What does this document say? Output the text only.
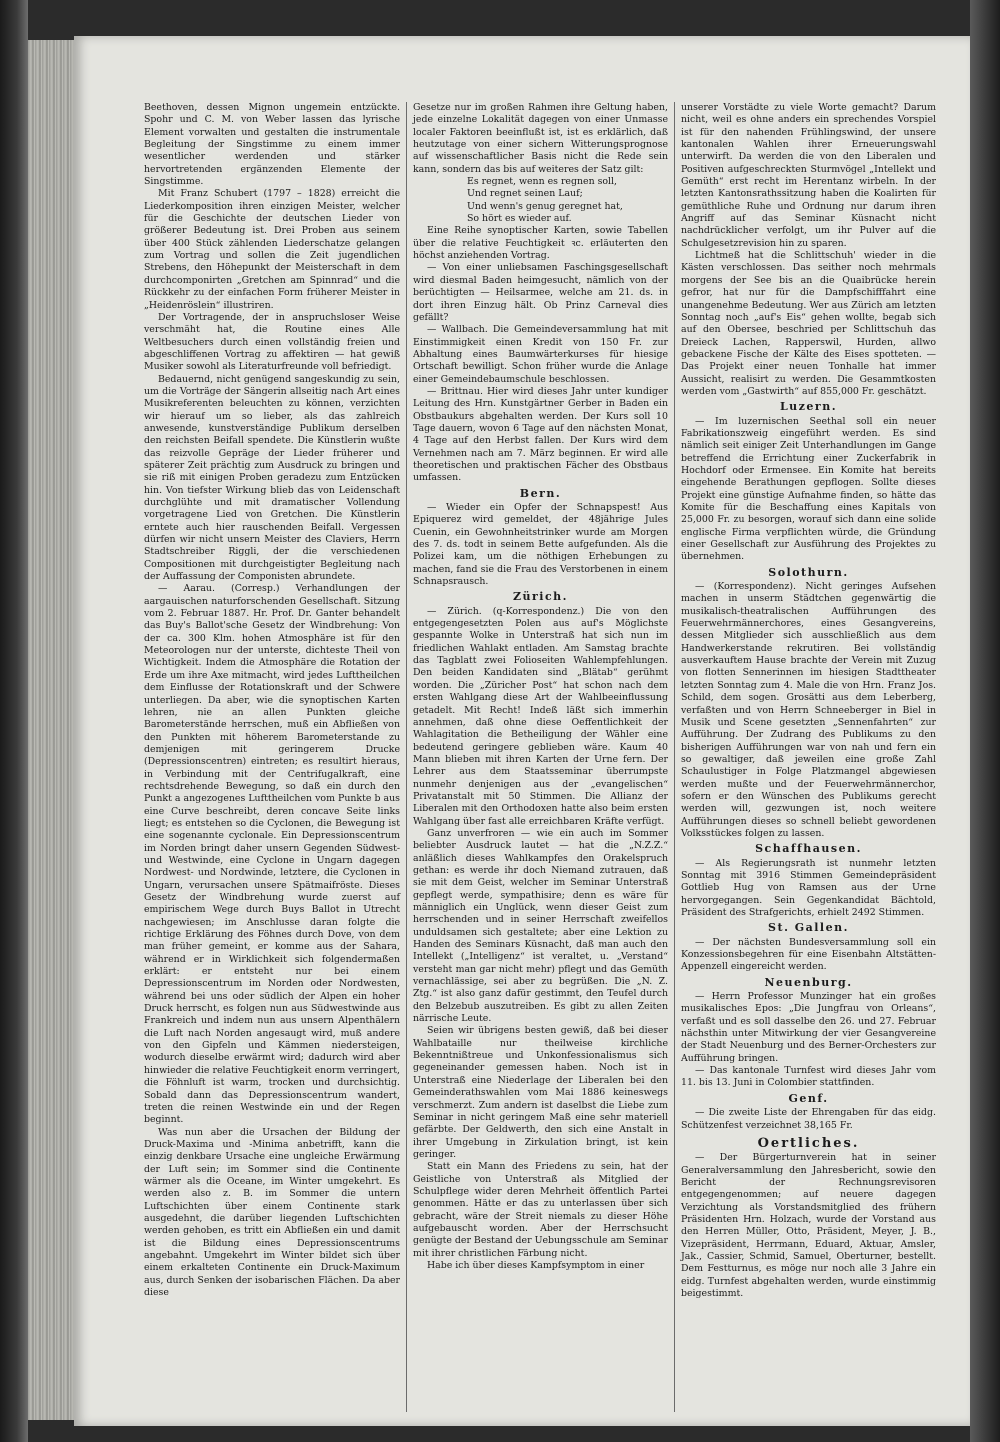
Beethoven, dessen Mignon ungemein entzückte. Spohr und C. M. von Weber lassen das lyrische Element vorwalten und gestalten die instrumentale Begleitung der Singstimme zu einem immer wesentlicher werdenden und stärker hervortretenden ergänzenden Elemente der Singstimme.

Mit Franz Schubert (1797 – 1828) erreicht die Liederkomposition ihren einzigen Meister, welcher für die Geschichte der deutschen Lieder von größerer Bedeutung ist. Drei Proben aus seinem über 400 Stück zählenden Liederschatze gelangen zum Vortrag und sollen die Zeit jugendlichen Strebens, den Höhepunkt der Meisterschaft in dem durchcomponirten „Gretchen am Spinnrad“ und die Rückkehr zu der einfachen Form früherer Meister in „Heidenröslein“ illustriren.

Der Vortragende, der in anspruchsloser Weise verschmäht hat, die Routine eines Alle Weltbesuchers durch einen vollständig freien und abgeschliffenen Vortrag zu affektiren — hat gewiß Musiker sowohl als Literaturfreunde voll befriedigt.

Bedauernd, nicht genügend sangeskundig zu sein, um die Vorträge der Sängerin allseitig nach Art eines Musikreferenten beleuchten zu können, verzichten wir hierauf um so lieber, als das zahlreich anwesende, kunstverständige Publikum derselben den reichsten Beifall spendete. Die Künstlerin wußte das reizvolle Gepräge der Lieder früherer und späterer Zeit prächtig zum Ausdruck zu bringen und sie riß mit einigen Proben geradezu zum Entzücken hin. Von tiefster Wirkung blieb das von Leidenschaft durchglühte und mit dramatischer Vollendung vorgetragene Lied von Gretchen. Die Künstlerin erntete auch hier rauschenden Beifall. Vergessen dürfen wir nicht unsern Meister des Claviers, Herrn Stadtschreiber Riggli, der die verschiedenen Compositionen mit durchgeistigter Begleitung nach der Auffassung der Componisten abrundete.

— Aarau. (Corresp.) Verhandlungen der aargauischen naturforschenden Gesellschaft. Sitzung vom 2. Februar 1887. Hr. Prof. Dr. Ganter behandelt das Buy's Ballot'sche Gesetz der Windbrehung: Von der ca. 300 Klm. hohen Atmosphäre ist für den Meteorologen nur der unterste, dichteste Theil von Wichtigkeit. Indem die Atmosphäre die Rotation der Erde um ihre Axe mitmacht, wird jedes Lufttheilchen dem Einflusse der Rotationskraft und der Schwere unterliegen. Da aber, wie die synoptischen Karten lehren, nie an allen Punkten gleiche Barometerstände herrschen, muß ein Abfließen von den Punkten mit höherem Barometerstande zu demjenigen mit geringerem Drucke (Depressionscentren) eintreten; es resultirt hieraus, in Verbindung mit der Centrifugalkraft, eine rechtsdrehende Bewegung, so daß ein durch den Punkt a angezogenes Lufttheilchen vom Punkte b aus eine Curve beschreibt, deren concave Seite links liegt; es entstehen so die Cyclonen, die Bewegung ist eine sogenannte cyclonale. Ein Depressionscentrum im Norden bringt daher unsern Gegenden Südwest- und Westwinde, eine Cyclone in Ungarn dagegen Nordwest- und Nordwinde, letztere, die Cyclonen in Ungarn, verursachen unsere Spätmaifröste. Dieses Gesetz der Windbrehung wurde zuerst auf empirischem Wege durch Buys Ballot in Utrecht nachgewiesen; im Anschlusse daran folgte die richtige Erklärung des Föhnes durch Dove, von dem man früher gemeint, er komme aus der Sahara, während er in Wirklichkeit sich folgendermaßen erklärt: er entsteht nur bei einem Depressionscentrum im Norden oder Nordwesten, während bei uns oder südlich der Alpen ein hoher Druck herrscht, es folgen nun aus Südwestwinde aus Frankreich und indem nun aus unsern Alpenthälern die Luft nach Norden angesaugt wird, muß andere von den Gipfeln und Kämmen niedersteigen, wodurch dieselbe erwärmt wird; dadurch wird aber hinwieder die relative Feuchtigkeit enorm verringert, die Föhnluft ist warm, trocken und durchsichtig. Sobald dann das Depressionscentrum wandert, treten die reinen Westwinde ein und der Regen beginnt.

Was nun aber die Ursachen der Bildung der Druck-Maxima und -Minima anbetrifft, kann die einzig denkbare Ursache eine ungleiche Erwärmung der Luft sein; im Sommer sind die Continente wärmer als die Oceane, im Winter umgekehrt. Es werden also z. B. im Sommer die untern Luftschichten über einem Continente stark ausgedehnt, die darüber liegenden Luftschichten werden gehoben, es tritt ein Abfließen ein und damit ist die Bildung eines Depressionscentrums angebahnt. Umgekehrt im Winter bildet sich über einem erkalteten Continente ein Druck-Maximum aus, durch Senken der isobarischen Flächen. Da aber diese

Gesetze nur im großen Rahmen ihre Geltung haben, jede einzelne Lokalität dagegen von einer Unmasse localer Faktoren beeinflußt ist, ist es erklärlich, daß heutzutage von einer sichern Witterungsprognose auf wissenschaftlicher Basis nicht die Rede sein kann, sondern das bis auf weiteres der Satz gilt:

Es regnet, wenn es regnen soll,

Und regnet seinen Lauf;

Und wenn's genug geregnet hat,

So hört es wieder auf.

Eine Reihe synoptischer Karten, sowie Tabellen über die relative Feuchtigkeit ꝛc. erläuterten den höchst anziehenden Vortrag.

— Von einer unliebsamen Faschingsgesellschaft wird diesmal Baden heimgesucht, nämlich von der berüchtigten — Heilsarmee, welche am 21. ds. in dort ihren Einzug hält. Ob Prinz Carneval dies gefällt?

— Wallbach. Die Gemeindeversammlung hat mit Einstimmigkeit einen Kredit von 150 Fr. zur Abhaltung eines Baumwärterkurses für hiesige Ortschaft bewilligt. Schon früher wurde die Anlage einer Gemeindebaumschule beschlossen.

— Brittnau. Hier wird dieses Jahr unter kundiger Leitung des Hrn. Kunstgärtner Gerber in Baden ein Obstbaukurs abgehalten werden. Der Kurs soll 10 Tage dauern, wovon 6 Tage auf den nächsten Monat, 4 Tage auf den Herbst fallen. Der Kurs wird dem Vernehmen nach am 7. März beginnen. Er wird alle theoretischen und praktischen Fächer des Obstbaus umfassen.

Bern.

— Wieder ein Opfer der Schnapspest! Aus Epiquerez wird gemeldet, der 48jährige Jules Cuenin, ein Gewohnheitstrinker wurde am Morgen des 7. ds. todt in seinem Bette aufgefunden. Als die Polizei kam, um die nöthigen Erhebungen zu machen, fand sie die Frau des Verstorbenen in einem Schnapsrausch.

Zürich.

— Zürich. (q-Korrespondenz.) Die von den entgegengesetzten Polen aus auf's Möglichste gespannte Wolke in Unterstraß hat sich nun im friedlichen Wahlakt entladen. Am Samstag brachte das Tagblatt zwei Folioseiten Wahlempfehlungen. Den beiden Kandidaten sind „Blätab“ gerühmt worden. Die „Züricher Post“ hat schon nach dem ersten Wahlgang diese Art der Wahlbeeinflussung getadelt. Mit Recht! Indeß läßt sich immerhin annehmen, daß ohne diese Oeffentlichkeit der Wahlagitation die Betheiligung der Wähler eine bedeutend geringere geblieben wäre. Kaum 40 Mann blieben mit ihren Karten der Urne fern. Der Lehrer aus dem Staatsseminar überrumpste nunmehr denjenigen aus der „evangelischen“ Privatanstalt mit 50 Stimmen. Die Allianz der Liberalen mit den Orthodoxen hatte also beim ersten Wahlgang über fast alle erreichbaren Kräfte verfügt.

Ganz unverfroren — wie ein auch im Sommer beliebter Ausdruck lautet — hat die „N.Z.Z.“ anläßlich dieses Wahlkampfes den Orakelspruch gethan: es werde ihr doch Niemand zutrauen, daß sie mit dem Geist, welcher im Seminar Unterstraß gepflegt werde, sympathisire; denn es wäre für männiglich ein Unglück, wenn dieser Geist zum herrschenden und in seiner Herrschaft zweifellos unduldsamen sich gestaltete; aber eine Lektion zu Handen des Seminars Küsnacht, daß man auch den Intellekt („Intelligenz“ ist veraltet, u. „Verstand“ versteht man gar nicht mehr) pflegt und das Gemüth vernachlässige, sei aber zu begrüßen. Die „N. Z. Ztg.“ ist also ganz dafür gestimmt, den Teufel durch den Belzebub auszutreiben. Es gibt zu allen Zeiten närrische Leute.

Seien wir übrigens besten gewiß, daß bei dieser Wahlbataille nur theilweise kirchliche Bekenntnißtreue und Unkonfessionalismus sich gegeneinander gemessen haben. Noch ist in Unterstraß eine Niederlage der Liberalen bei den Gemeinderathswahlen vom Mai 1886 keineswegs verschmerzt. Zum andern ist daselbst die Liebe zum Seminar in nicht geringem Maß eine sehr materiell gefärbte. Der Geldwerth, den sich eine Anstalt in ihrer Umgebung in Zirkulation bringt, ist kein geringer.

Statt ein Mann des Friedens zu sein, hat der Geistliche von Unterstraß als Mitglied der Schulpflege wider deren Mehrheit öffentlich Partei genommen. Hätte er das zu unterlassen über sich gebracht, wäre der Streit niemals zu dieser Höhe aufgebauscht worden. Aber der Herrschsucht genügte der Bestand der Uebungsschule am Seminar mit ihrer christlichen Färbung nicht.

Habe ich über dieses Kampfsymptom in einer

unserer Vorstädte zu viele Worte gemacht? Darum nicht, weil es ohne anders ein sprechendes Vorspiel ist für den nahenden Frühlingswind, der unsere kantonalen Wahlen ihrer Erneuerungswahl unterwirft. Da werden die von den Liberalen und Positiven aufgeschreckten Sturmvögel „Intellekt und Gemüth“ erst recht im Herentanz wirbeln. In der letzten Kantonsrathssitzung haben die Koalirten für gemüthliche Ruhe und Ordnung nur darum ihren Angriff auf das Seminar Küsnacht nicht nachdrücklicher verfolgt, um ihr Pulver auf die Schulgesetzrevision hin zu sparen.

Lichtmeß hat die Schlittschuh' wieder in die Kästen verschlossen. Das seither noch mehrmals morgens der See bis an die Quaibrücke herein gefror, hat nur für die Dampfschifffahrt eine unangenehme Bedeutung. Wer aus Zürich am letzten Sonntag noch „auf's Eis“ gehen wollte, begab sich auf den Obersee, beschried per Schlittschuh das Dreieck Lachen, Rapperswil, Hurden, allwo gebackene Fische der Kälte des Eises spotteten. — Das Projekt einer neuen Tonhalle hat immer Aussicht, realisirt zu werden. Die Gesammtkosten werden vom „Gastwirth“ auf 855,000 Fr. geschätzt.

Luzern.

— Im luzernischen Seethal soll ein neuer Fabrikationszweig eingeführt werden. Es sind nämlich seit einiger Zeit Unterhandlungen im Gange betreffend die Errichtung einer Zuckerfabrik in Hochdorf oder Ermensee. Ein Komite hat bereits eingehende Berathungen gepflogen. Sollte dieses Projekt eine günstige Aufnahme finden, so hätte das Komite für die Beschaffung eines Kapitals von 25,000 Fr. zu besorgen, worauf sich dann eine solide englische Firma verpflichten würde, die Gründung einer Gesellschaft zur Ausführung des Projektes zu übernehmen.

Solothurn.

— (Korrespondenz). Nicht geringes Aufsehen machen in unserm Städtchen gegenwärtig die musikalisch-theatralischen Aufführungen des Feuerwehrmännerchores, eines Gesangvereins, dessen Mitglieder sich ausschließlich aus dem Handwerkerstande rekrutiren. Bei vollständig ausverkauftem Hause brachte der Verein mit Zuzug von flotten Sennerinnen im hiesigen Stadttheater letzten Sonntag zum 4. Male die von Hrn. Franz Jos. Schild, dem sogen. Grosätti aus dem Leberberg, verfaßten und von Herrn Schneeberger in Biel in Musik und Scene gesetzten „Sennenfahrten“ zur Aufführung. Der Zudrang des Publikums zu den bisherigen Aufführungen war von nah und fern ein so gewaltiger, daß jeweilen eine große Zahl Schaulustiger in Folge Platzmangel abgewiesen werden mußte und der Feuerwehrmännerchor, sofern er den Wünschen des Publikums gerecht werden will, gezwungen ist, noch weitere Aufführungen dieses so schnell beliebt gewordenen Volksstückes folgen zu lassen.

Schaffhausen.

— Als Regierungsrath ist nunmehr letzten Sonntag mit 3916 Stimmen Gemeindepräsident Gottlieb Hug von Ramsen aus der Urne hervorgegangen. Sein Gegenkandidat Bächtold, Präsident des Strafgerichts, erhielt 2492 Stimmen.

St. Gallen.

— Der nächsten Bundesversammlung soll ein Konzessionsbegehren für eine Eisenbahn Altstätten-Appenzell eingereicht werden.

Neuenburg.

— Herrn Professor Munzinger hat ein großes musikalisches Epos: „Die Jungfrau von Orleans“, verfaßt und es soll dasselbe den 26. und 27. Februar nächsthin unter Mitwirkung der vier Gesangvereine der Stadt Neuenburg und des Berner-Orchesters zur Aufführung bringen.

— Das kantonale Turnfest wird dieses Jahr vom 11. bis 13. Juni in Colombier stattfinden.

Genf.

— Die zweite Liste der Ehrengaben für das eidg. Schützenfest verzeichnet 38,165 Fr.

Oertliches.

— Der Bürgerturnverein hat in seiner Generalversammlung den Jahresbericht, sowie den Bericht der Rechnungsrevisoren entgegengenommen; auf neuere dagegen Verzichtung als Vorstandsmitglied des frühern Präsidenten Hrn. Holzach, wurde der Vorstand aus den Herren Müller, Otto, Präsident, Meyer, J. B., Vizepräsident, Herrmann, Eduard, Aktuar, Amsler, Jak., Cassier, Schmid, Samuel, Oberturner, bestellt. Dem Festturnus, es möge nur noch alle 3 Jahre ein eidg. Turnfest abgehalten werden, wurde einstimmig beigestimmt.
